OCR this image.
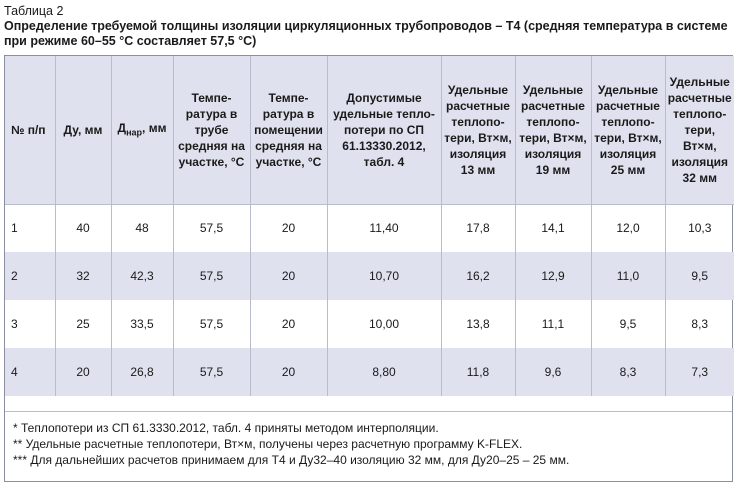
Таблица 2
Определение требуемой толщины изоляции циркуляционных трубопроводов – Т4 (средняя температура в системе при режиме 60–55 °С составляет 57,5 °С)
№ п/п	Ду, мм	$Д_{нар}$, мм	Темпе-ратура в трубе средняя на участке, °С	Темпе-ратура в помещении средняя на участке, °С	Допустимые удельные тепло-потери по СП 61.13330.2012, табл. 4	Удельные расчетные теплопо-тери, Вт×м, изоляция 13 мм	Удельные расчетные теплопо-тери, Вт×м, изоляция 19 мм	Удельные расчетные теплопо-тери, Вт×м, изоляция 25 мм	Удельные расчетные теплопо-тери, Вт×м, изоляция 32 мм
1	40	48	57,5	20	11,40	17,8	14,1	12,0	10,3
2	32	42,3	57,5	20	10,70	16,2	12,9	11,0	9,5
3	25	33,5	57,5	20	10,00	13,8	11,1	9,5	8,3
4	20	26,8	57,5	20	8,80	11,8	9,6	8,3	7,3
* Теплопотери из СП 61.3330.2012, табл. 4 приняты методом интерполяции.
** Удельные расчетные теплопотери, Вт×м, получены через расчетную программу K-FLEX.
*** Для дальнейших расчетов принимаем для Т4 и Ду32–40 изоляцию 32 мм, для Ду20–25 – 25 мм.
